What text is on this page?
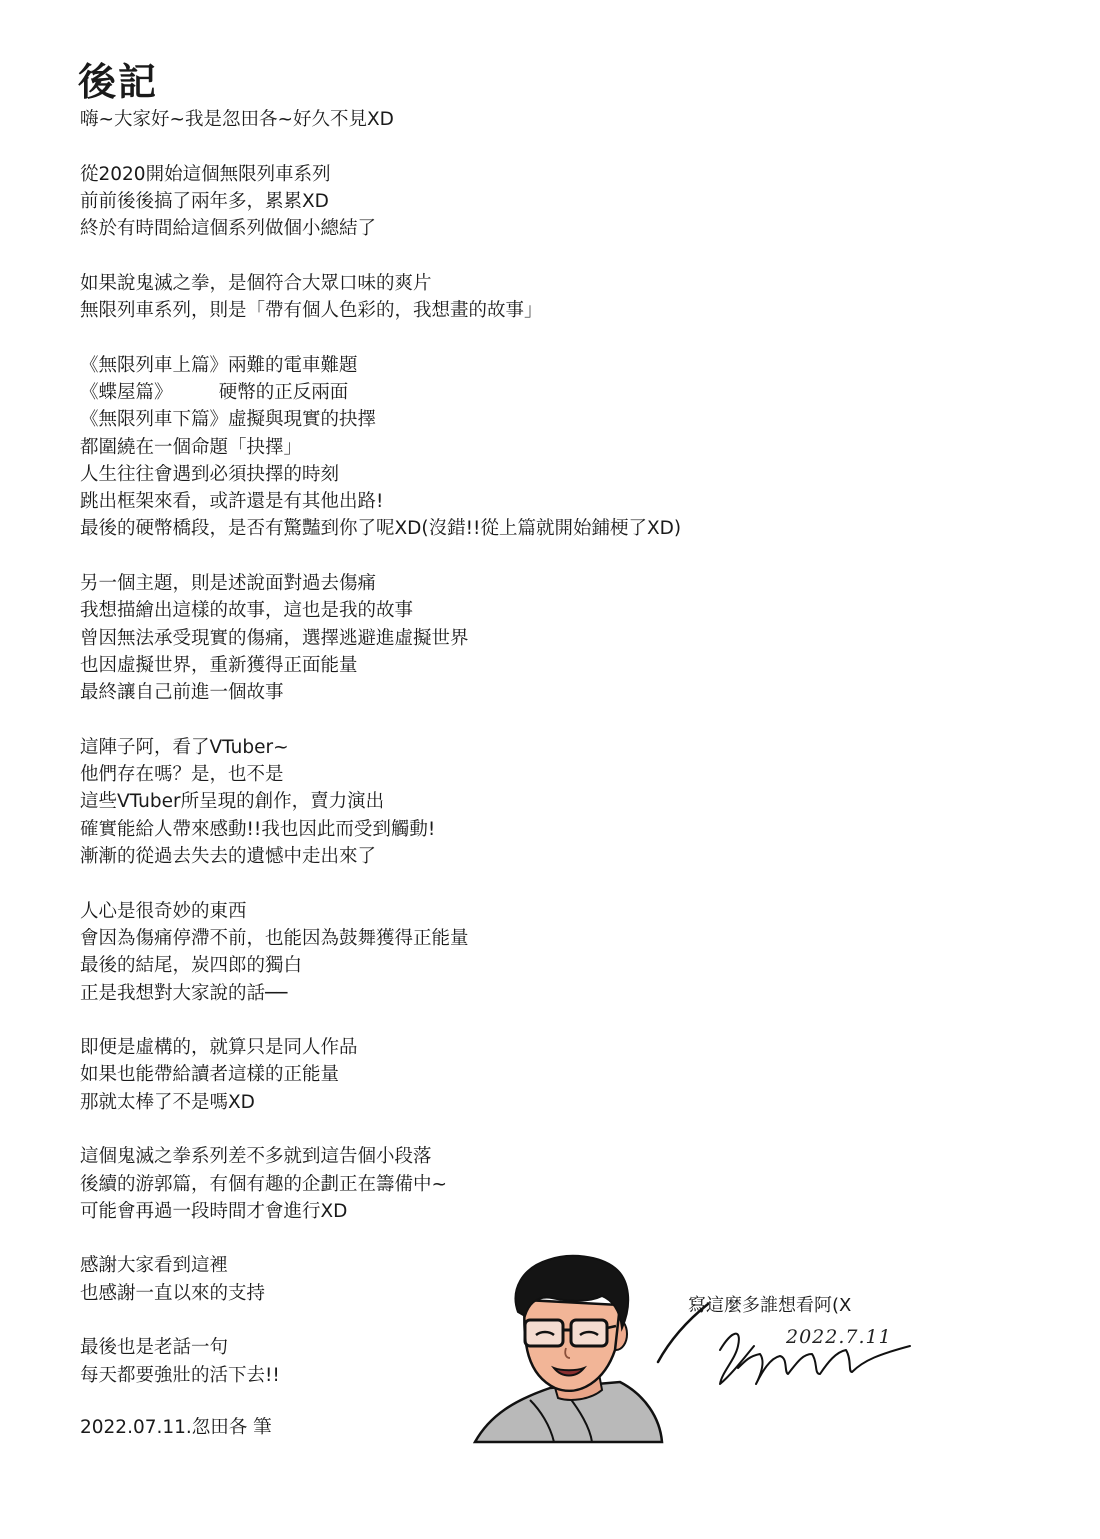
後記
嗨~大家好~我是忽田各~好久不見XD
從2020開始這個無限列車系列
前前後後搞了兩年多，累累XD
終於有時間給這個系列做個小總結了
如果說鬼滅之拳，是個符合大眾口味的爽片
無限列車系列，則是「帶有個人色彩的，我想畫的故事」
《無限列車上篇》兩難的電車難題
《蝶屋篇》　　　硬幣的正反兩面
《無限列車下篇》虛擬與現實的抉擇
都圍繞在一個命題「抉擇」
人生往往會遇到必須抉擇的時刻
跳出框架來看，或許還是有其他出路!
最後的硬幣橋段，是否有驚豔到你了呢XD(沒錯!!從上篇就開始鋪梗了XD)
另一個主題，則是述說面對過去傷痛
我想描繪出這樣的故事，這也是我的故事
曾因無法承受現實的傷痛，選擇逃避進虛擬世界
也因虛擬世界，重新獲得正面能量
最終讓自己前進一個故事
這陣子阿，看了VTuber~
他們存在嗎？是，也不是
這些VTuber所呈現的創作，賣力演出
確實能給人帶來感動!!我也因此而受到觸動!
漸漸的從過去失去的遺憾中走出來了
人心是很奇妙的東西
會因為傷痛停滯不前，也能因為鼓舞獲得正能量
最後的結尾，炭四郎的獨白
正是我想對大家說的話──
即便是虛構的，就算只是同人作品
如果也能帶給讀者這樣的正能量
那就太棒了不是嗎XD
這個鬼滅之拳系列差不多就到這告個小段落
後續的游郭篇，有個有趣的企劃正在籌備中~
可能會再過一段時間才會進行XD
感謝大家看到這裡
也感謝一直以來的支持
最後也是老話一句
每天都要強壯的活下去!!
2022.07.11.忽田各 筆
寫這麼多誰想看阿(X
2022.7.11
